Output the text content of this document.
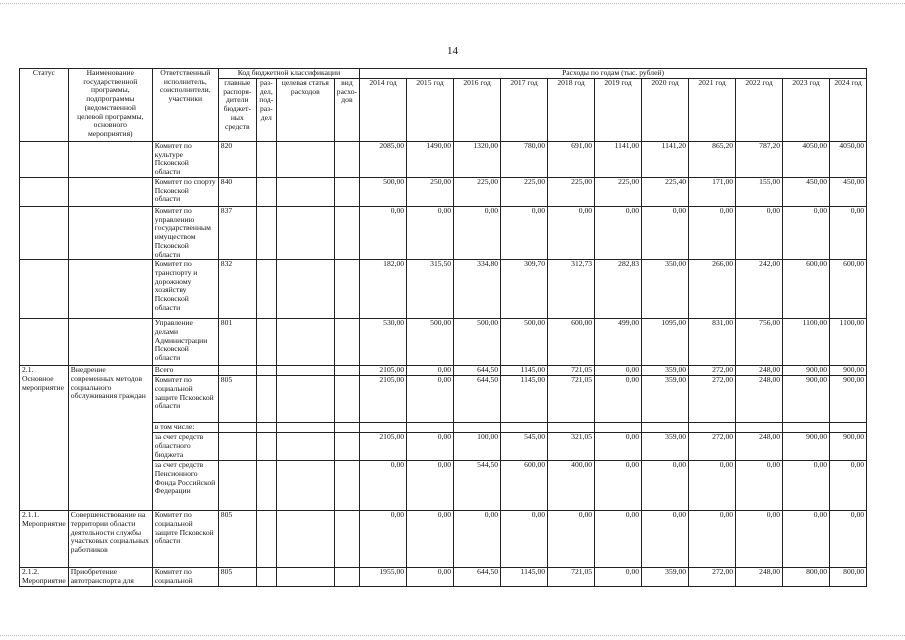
14
Статус	Наименование государственной программы, подпрограммы (ведомственной целевой программы, основного мероприятия)	Ответственный исполнитель, соисполнители, участники	Код бюджетной классификации				Расходы по годам (тыс. рублей)										
			главные распоря-дители бюджет-ных средств	раз-дел, под-раз-дел	целевая статья расходов	вид расхо-дов	2014 год	2015 год	2016 год	2017 год	2018 год	2019 год	2020 год	2021 год	2022 год	2023 год	2024 год
		Комитет по культуре Псковской области	820				2085,00	1490,00	1320,00	780,00	691,00	1141,00	1141,20	865,20	787,20	4050,00	4050,00
		Комитет по спорту Псковской области	840				500,00	250,00	225,00	225,00	225,00	225,00	225,40	171,00	155,00	450,00	450,00
		Комитет по управлению государственным имуществом Псковской области	837				0,00	0,00	0,00	0,00	0,00	0,00	0,00	0,00	0,00	0,00	0,00
		Комитет по транспорту и дорожному хозяйству Псковской области	832				182,00	315,50	334,80	309,70	312,73	282,83	350,00	266,00	242,00	600,00	600,00
		Управление делами Администрации Псковской области	801				530,00	500,00	500,00	500,00	600,00	499,00	1095,00	831,00	756,00	1100,00	1100,00
2.1. Основное мероприятие	Внедрение современных методов социального обслуживания граждан	Всего					2105,00	0,00	644,50	1145,00	721,05	0,00	359,00	272,00	248,00	900,00	900,00
		Комитет по социальной защите Псковской области	805				2105,00	0,00	644,50	1145,00	721,05	0,00	359,00	272,00	248,00	900,00	900,00
		в том числе:															
		за счет средств областного бюджета					2105,00	0,00	100,00	545,00	321,05	0,00	359,00	272,00	248,00	900,00	900,00
		за счет средств Пенсионного Фонда Российской Федерации					0,00	0,00	544,50	600,00	400,00	0,00	0,00	0,00	0,00	0,00	0,00
2.1.1. Мероприятие	Совершенствование на территории области деятельности службы участковых социальных работников	Комитет по социальной защите Псковской области	805				0,00	0,00	0,00	0,00	0,00	0,00	0,00	0,00	0,00	0,00	0,00
2.1.2. Мероприятие	Приобретение автотранспорта для	Комитет по социальной	805				1955,00	0,00	644,50	1145,00	721,05	0,00	359,00	272,00	248,00	800,00	800,00
